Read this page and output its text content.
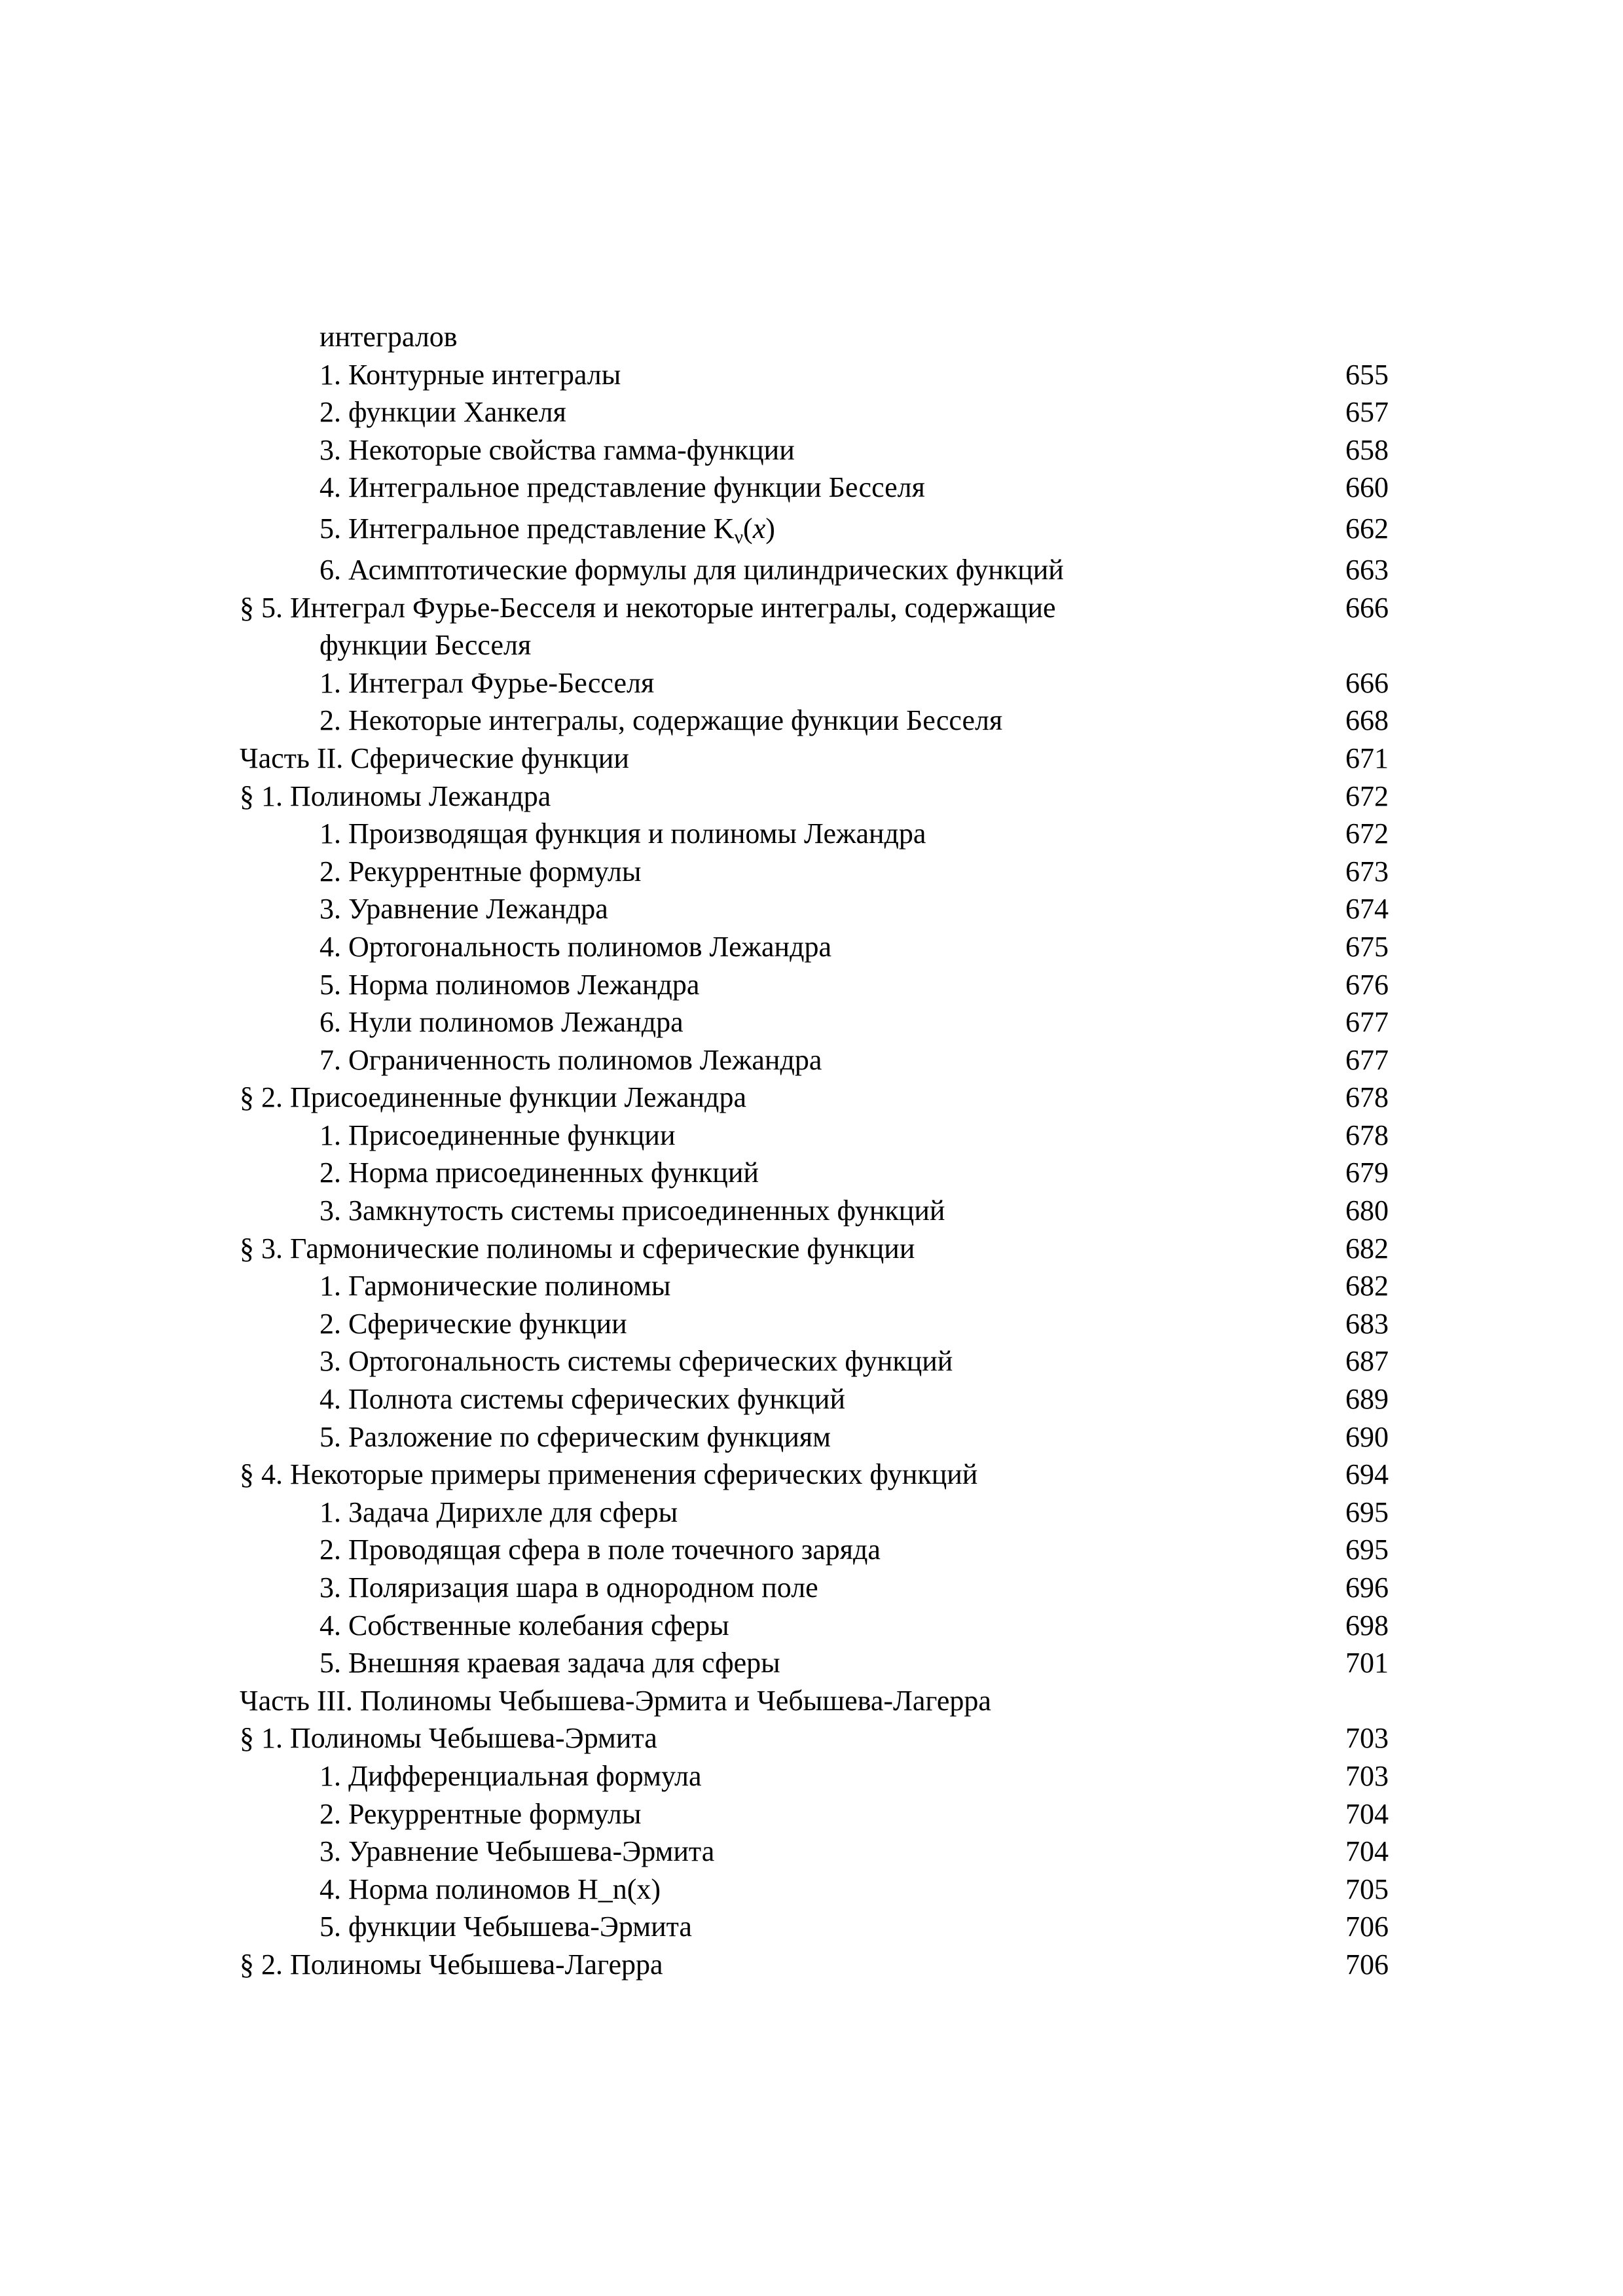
интегралов
1. Контурные интегралы	655
2. функции Ханкеля	657
3. Некоторые свойства гамма-функции	658
4. Интегральное представление функции Бесселя	660
5. Интегральное представление $K_\nu(x)$	662
6. Асимптотические формулы для цилиндрических функций	663
§ 5. Интеграл Фурье-Бесселя и некоторые интегралы, содержащие	666
функции Бесселя
1. Интеграл Фурье-Бесселя	666
2. Некоторые интегралы, содержащие функции Бесселя	668
Часть II. Сферические функции	671
§ 1. Полиномы Лежандра	672
1. Производящая функция и полиномы Лежандра	672
2. Рекуррентные формулы	673
3. Уравнение Лежандра	674
4. Ортогональность полиномов Лежандра	675
5. Норма полиномов Лежандра	676
6. Нули полиномов Лежандра	677
7. Ограниченность полиномов Лежандра	677
§ 2. Присоединенные функции Лежандра	678
1. Присоединенные функции	678
2. Норма присоединенных функций	679
3. Замкнутость системы присоединенных функций	680
§ 3. Гармонические полиномы и сферические функции	682
1. Гармонические полиномы	682
2. Сферические функции	683
3. Ортогональность системы сферических функций	687
4. Полнота системы сферических функций	689
5. Разложение по сферическим функциям	690
§ 4. Некоторые примеры применения сферических функций	694
1. Задача Дирихле для сферы	695
2. Проводящая сфера в поле точечного заряда	695
3. Поляризация шара в однородном поле	696
4. Собственные колебания сферы	698
5. Внешняя краевая задача для сферы	701
Часть III. Полиномы Чебышева-Эрмита и Чебышева-Лагерра
§ 1. Полиномы Чебышева-Эрмита	703
1. Дифференциальная формула	703
2. Рекуррентные формулы	704
3. Уравнение Чебышева-Эрмита	704
4. Норма полиномов H_n(x)	705
5. функции Чебышева-Эрмита	706
§ 2. Полиномы Чебышева-Лагерра	706
